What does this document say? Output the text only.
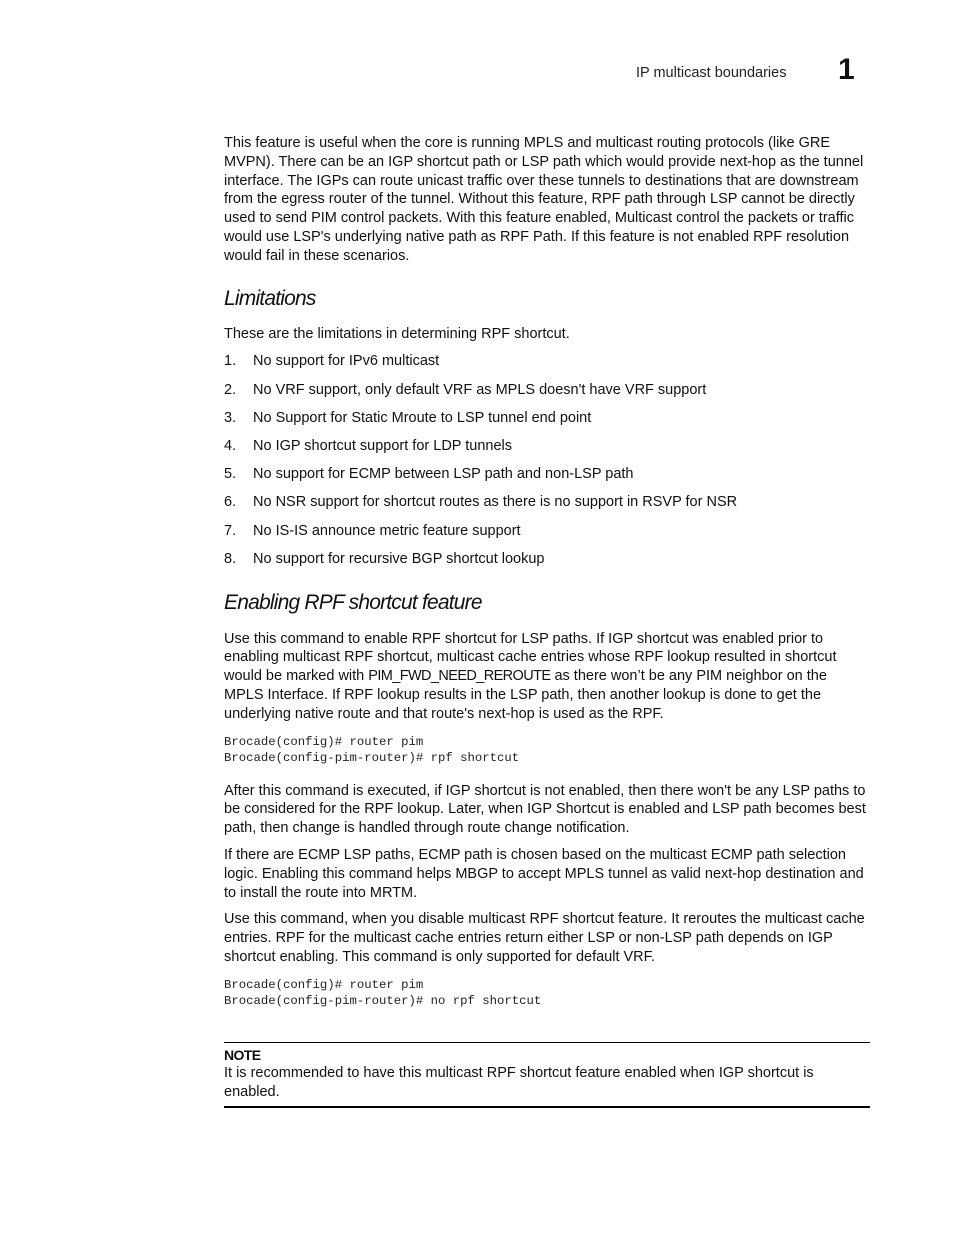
IP multicast boundaries 1

This feature is useful when the core is running MPLS and multicast routing protocols (like GRE MVPN). There can be an IGP shortcut path or LSP path which would provide next-hop as the tunnel interface. The IGPs can route unicast traffic over these tunnels to destinations that are downstream from the egress router of the tunnel. Without this feature, RPF path through LSP cannot be directly used to send PIM control packets. With this feature enabled, Multicast control the packets or traffic would use LSP's underlying native path as RPF Path. If this feature is not enabled RPF resolution would fail in these scenarios.

Limitations

These are the limitations in determining RPF shortcut.

1.	No support for IPv6 multicast
2.	No VRF support, only default VRF as MPLS doesn't have VRF support
3.	No Support for Static Mroute to LSP tunnel end point
4.	No IGP shortcut support for LDP tunnels
5.	No support for ECMP between LSP path and non-LSP path
6.	No NSR support for shortcut routes as there is no support in RSVP for NSR
7.	No IS-IS announce metric feature support
8.	No support for recursive BGP shortcut lookup
Enabling RPF shortcut feature

Use this command to enable RPF shortcut for LSP paths. If IGP shortcut was enabled prior to enabling multicast RPF shortcut, multicast cache entries whose RPF lookup resulted in shortcut would be marked with PIM_FWD_NEED_REROUTE as there won’t be any PIM neighbor on the MPLS Interface. If RPF lookup results in the LSP path, then another lookup is done to get the underlying native route and that route's next-hop is used as the RPF.

Brocade(config)# router pim
Brocade(config-pim-router)# rpf shortcut

After this command is executed, if IGP shortcut is not enabled, then there won't be any LSP paths to be considered for the RPF lookup. Later, when IGP Shortcut is enabled and LSP path becomes best path, then change is handled through route change notification.

If there are ECMP LSP paths, ECMP path is chosen based on the multicast ECMP path selection logic. Enabling this command helps MBGP to accept MPLS tunnel as valid next-hop destination and to install the route into MRTM.

Use this command, when you disable multicast RPF shortcut feature. It reroutes the multicast cache entries. RPF for the multicast cache entries return either LSP or non-LSP path depends on IGP shortcut enabling. This command is only supported for default VRF.

Brocade(config)# router pim
Brocade(config-pim-router)# no rpf shortcut
NOTE

It is recommended to have this multicast RPF shortcut feature enabled when IGP shortcut is enabled.
